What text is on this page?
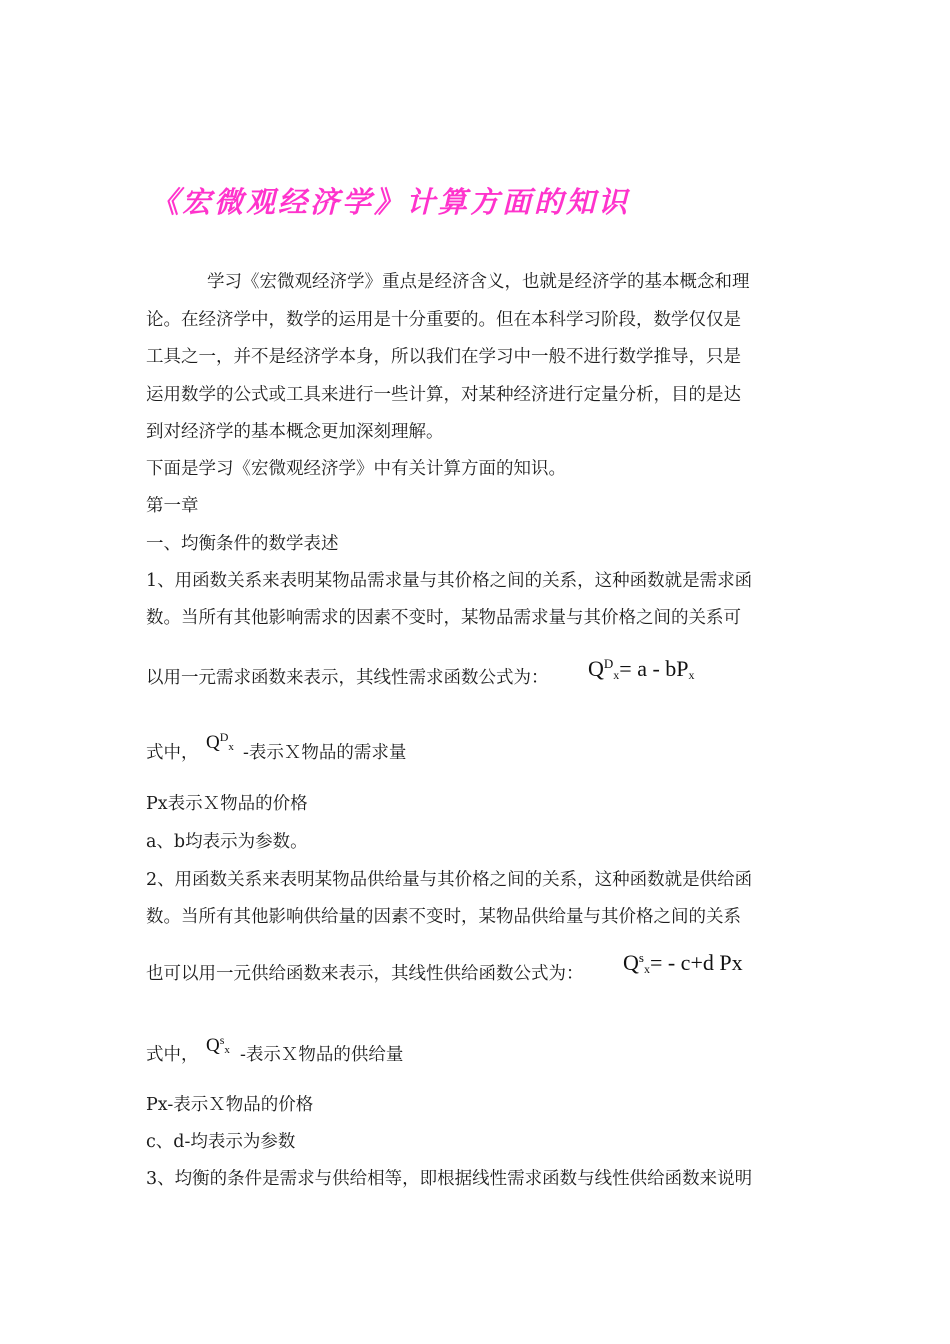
《宏微观经济学》计算方面的知识
学习《宏微观经济学》重点是经济含义，也就是经济学的基本概念和理
论。在经济学中，数学的运用是十分重要的。但在本科学习阶段，数学仅仅是
工具之一，并不是经济学本身，所以我们在学习中一般不进行数学推导，只是
运用数学的公式或工具来进行一些计算，对某种经济进行定量分析，目的是达
到对经济学的基本概念更加深刻理解。
下面是学习《宏微观经济学》中有关计算方面的知识。
第一章
一、均衡条件的数学表述
1、用函数关系来表明某物品需求量与其价格之间的关系，这种函数就是需求函
数。当所有其他影响需求的因素不变时，某物品需求量与其价格之间的关系可
以用一元需求函数来表示，其线性需求函数公式为： $Q^D_x= a - bP_x$
式中， $Q^D_x$ -表示Ｘ物品的需求量
Px表示Ｘ物品的价格
a、b均表示为参数。
2、用函数关系来表明某物品供给量与其价格之间的关系，这种函数就是供给函
数。当所有其他影响供给量的因素不变时，某物品供给量与其价格之间的关系
也可以用一元供给函数来表示，其线性供给函数公式为： $Q^s_x= - c+d$ Px
式中， $Q^s_x$ -表示Ｘ物品的供给量
Px-表示Ｘ物品的价格
c、d-均表示为参数
3、均衡的条件是需求与供给相等，即根据线性需求函数与线性供给函数来说明
